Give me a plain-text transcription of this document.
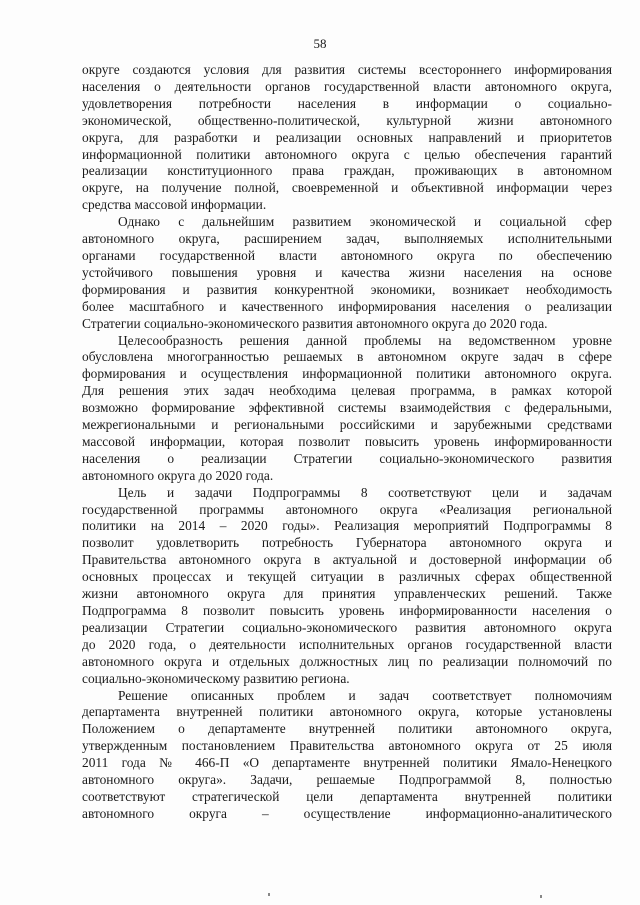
58
округе создаются условия для развития системы всестороннего информирования
населения о деятельности органов государственной власти автономного округа,
удовлетворения потребности населения в информации о социально-
экономической, общественно-политической, культурной жизни автономного
округа, для разработки и реализации основных направлений и приоритетов
информационной политики автономного округа с целью обеспечения гарантий
реализации конституционного права граждан, проживающих в автономном
округе, на получение полной, своевременной и объективной информации через
средства массовой информации.
Однако с дальнейшим развитием экономической и социальной сфер
автономного округа, расширением задач, выполняемых исполнительными
органами государственной власти автономного округа по обеспечению
устойчивого повышения уровня и качества жизни населения на основе
формирования и развития конкурентной экономики, возникает необходимость
более масштабного и качественного информирования населения о реализации
Стратегии социально-экономического развития автономного округа до 2020 года.
Целесообразность решения данной проблемы на ведомственном уровне
обусловлена многогранностью решаемых в автономном округе задач в сфере
формирования и осуществления информационной политики автономного округа.
Для решения этих задач необходима целевая программа, в рамках которой
возможно формирование эффективной системы взаимодействия с федеральными,
межрегиональными и региональными российскими и зарубежными средствами
массовой информации, которая позволит повысить уровень информированности
населения о реализации Стратегии социально-экономического развития
автономного округа до 2020 года.
Цель и задачи Подпрограммы 8 соответствуют цели и задачам
государственной программы автономного округа «Реализация региональной
политики на 2014 – 2020 годы». Реализация мероприятий Подпрограммы 8
позволит удовлетворить потребность Губернатора автономного округа и
Правительства автономного округа в актуальной и достоверной информации об
основных процессах и текущей ситуации в различных сферах общественной
жизни автономного округа для принятия управленческих решений. Также
Подпрограмма 8 позволит повысить уровень информированности населения о
реализации Стратегии социально-экономического развития автономного округа
до 2020 года, о деятельности исполнительных органов государственной власти
автономного округа и отдельных должностных лиц по реализации полномочий по
социально-экономическому развитию региона.
Решение описанных проблем и задач соответствует полномочиям
департамента внутренней политики автономного округа, которые установлены
Положением о департаменте внутренней политики автономного округа,
утвержденным постановлением Правительства автономного округа от 25 июля
2011 года № 466-П «О департаменте внутренней политики Ямало-Ненецкого
автономного округа». Задачи, решаемые Подпрограммой 8, полностью
соответствуют стратегической цели департамента внутренней политики
автономного округа – осуществление информационно-аналитического
